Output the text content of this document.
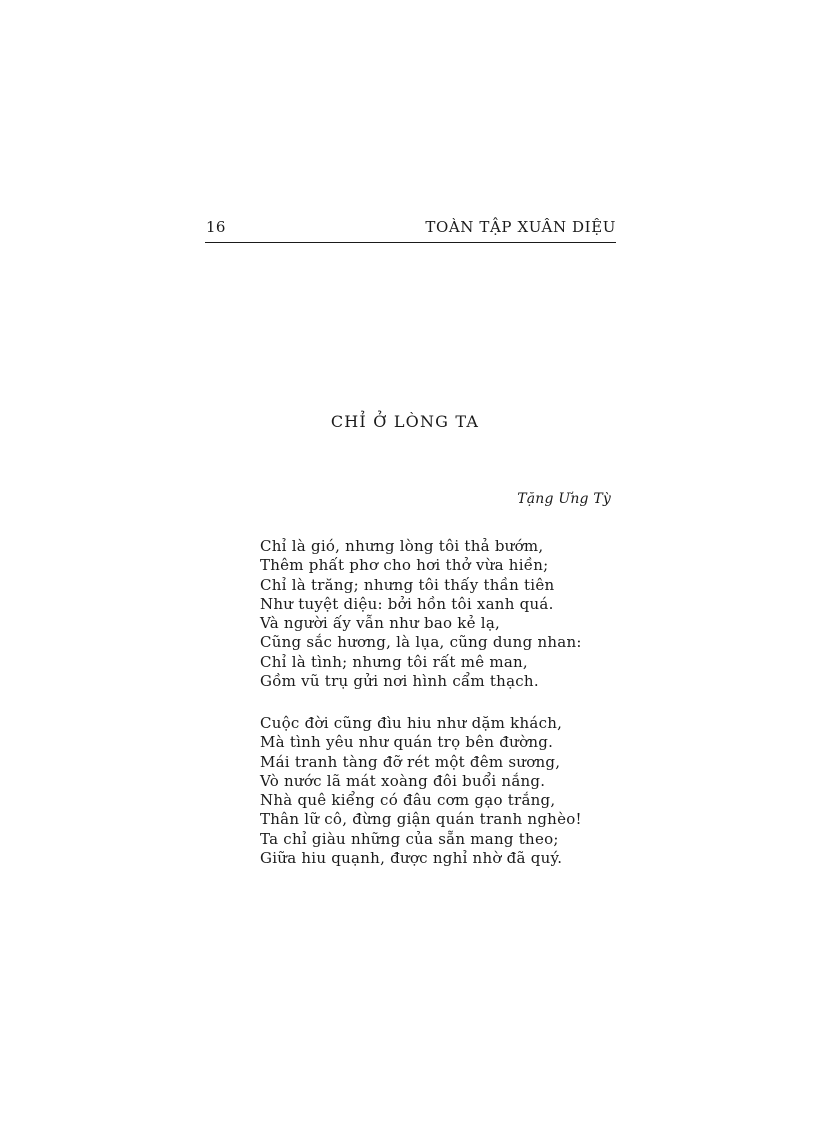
16	TOÀN TẬP XUÂN DIỆU
CHỈ Ở LÒNG TA
Tặng Ưng Tỳ
Chỉ là gió, nhưng lòng tôi thả bướm,
Thêm phất phơ cho hơi thở vừa hiền;
Chỉ là trăng; nhưng tôi thấy thần tiên
Như tuyệt diệu: bởi hồn tôi xanh quá.
Và người ấy vẫn như bao kẻ lạ,
Cũng sắc hương, là lụa, cũng dung nhan:
Chỉ là tình; nhưng tôi rất mê man,
Gồm vũ trụ gửi nơi hình cẩm thạch.
Cuộc đời cũng đìu hiu như dặm khách,
Mà tình yêu như quán trọ bên đường.
Mái tranh tàng đỡ rét một đêm sương,
Vò nước lã mát xoàng đôi buổi nắng.
Nhà quê kiểng có đâu cơm gạo trắng,
Thân lữ cô, đừng giận quán tranh nghèo!
Ta chỉ giàu những của sẵn mang theo;
Giữa hiu quạnh, được nghỉ nhờ đã quý.
